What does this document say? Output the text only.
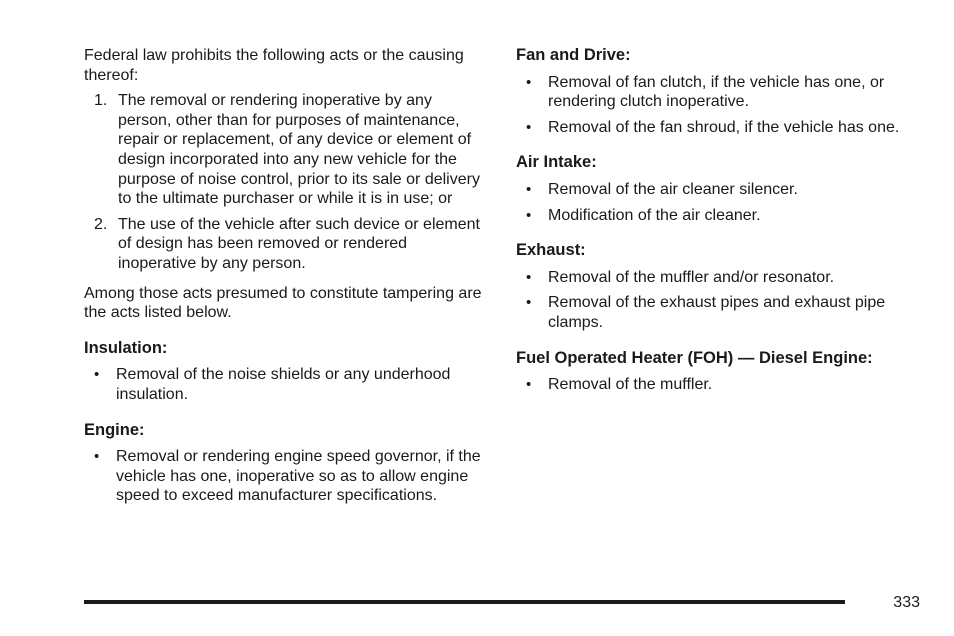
Federal law prohibits the following acts or the causing thereof:

1. The removal or rendering inoperative by any person, other than for purposes of maintenance, repair or replacement, of any device or element of design incorporated into any new vehicle for the purpose of noise control, prior to its sale or delivery to the ultimate purchaser or while it is in use; or
2. The use of the vehicle after such device or element of design has been removed or rendered inoperative by any person.

Among those acts presumed to constitute tampering are the acts listed below.

Insulation:
• Removal of the noise shields or any underhood insulation.
Engine:
• Removal or rendering engine speed governor, if the vehicle has one, inoperative so as to allow engine speed to exceed manufacturer specifications.
Fan and Drive:
• Removal of fan clutch, if the vehicle has one, or rendering clutch inoperative.
• Removal of the fan shroud, if the vehicle has one.
Air Intake:
• Removal of the air cleaner silencer.
• Modification of the air cleaner.
Exhaust:
• Removal of the muffler and/or resonator.
• Removal of the exhaust pipes and exhaust pipe clamps.
Fuel Operated Heater (FOH) — Diesel Engine:
• Removal of the muffler.
333
